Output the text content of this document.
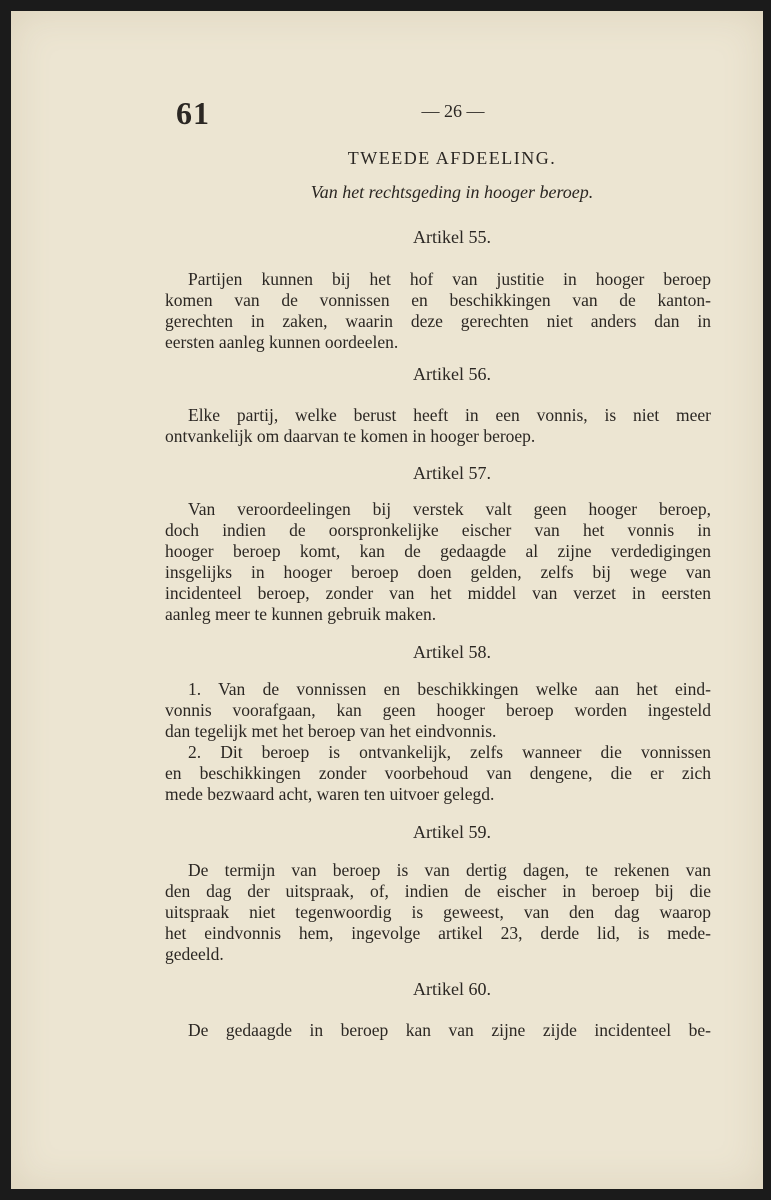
61	— 26 —
TWEEDE AFDEELING.
Van het rechtsgeding in hooger beroep.
Artikel 55.
Partijen kunnen bij het hof van justitie in hooger beroep
komen van de vonnissen en beschikkingen van de kanton-
gerechten in zaken, waarin deze gerechten niet anders dan in
eersten aanleg kunnen oordeelen.
Artikel 56.
Elke partij, welke berust heeft in een vonnis, is niet meer
ontvankelijk om daarvan te komen in hooger beroep.
Artikel 57.
Van veroordeelingen bij verstek valt geen hooger beroep,
doch indien de oorspronkelijke eischer van het vonnis in
hooger beroep komt, kan de gedaagde al zijne verdedigingen
insgelijks in hooger beroep doen gelden, zelfs bij wege van
incidenteel beroep, zonder van het middel van verzet in eersten
aanleg meer te kunnen gebruik maken.
Artikel 58.
1. Van de vonnissen en beschikkingen welke aan het eind-
vonnis voorafgaan, kan geen hooger beroep worden ingesteld
dan tegelijk met het beroep van het eindvonnis.
2. Dit beroep is ontvankelijk, zelfs wanneer die vonnissen
en beschikkingen zonder voorbehoud van dengene, die er zich
mede bezwaard acht, waren ten uitvoer gelegd.
Artikel 59.
De termijn van beroep is van dertig dagen, te rekenen van
den dag der uitspraak, of, indien de eischer in beroep bij die
uitspraak niet tegenwoordig is geweest, van den dag waarop
het eindvonnis hem, ingevolge artikel 23, derde lid, is mede-
gedeeld.
Artikel 60.
De gedaagde in beroep kan van zijne zijde incidenteel be-
